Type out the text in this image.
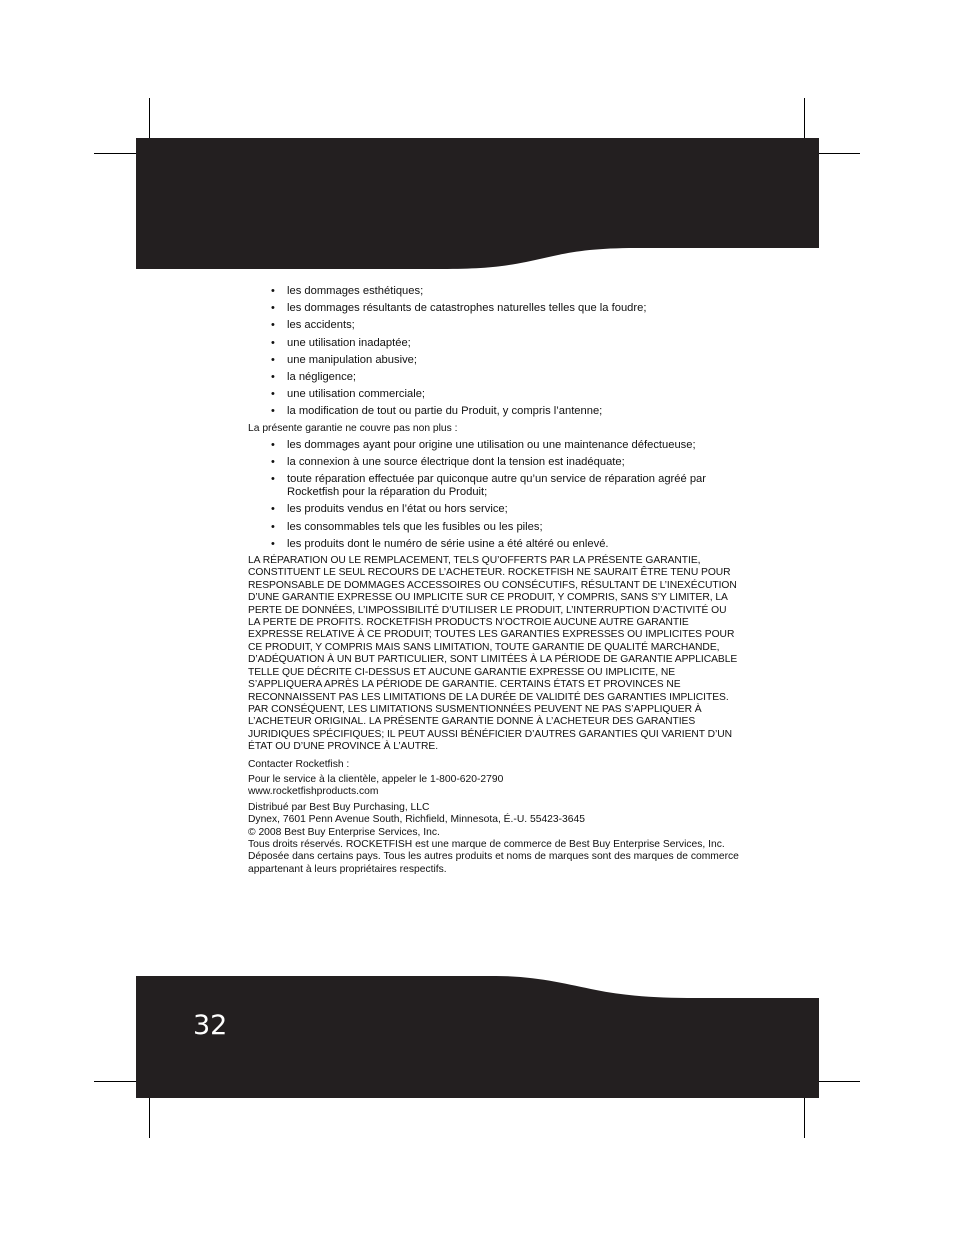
• les dommages esthétiques;
• les dommages résultants de catastrophes naturelles telles que la foudre;
• les accidents;
• une utilisation inadaptée;
• une manipulation abusive;
• la négligence;
• une utilisation commerciale;
• la modification de tout ou partie du Produit, y compris l’antenne;

La présente garantie ne couvre pas non plus :

• les dommages ayant pour origine une utilisation ou une maintenance défectueuse;
• la connexion à une source électrique dont la tension est inadéquate;
• toute réparation effectuée par quiconque autre qu’un service de réparation agréé par Rocketfish pour la réparation du Produit;
• les produits vendus en l’état ou hors service;
• les consommables tels que les fusibles ou les piles;
• les produits dont le numéro de série usine a été altéré ou enlevé.

LA RÉPARATION OU LE REMPLACEMENT, TELS QU’OFFERTS PAR LA PRÉSENTE GARANTIE, CONSTITUENT LE SEUL RECOURS DE L’ACHETEUR. ROCKETFISH NE SAURAIT ÊTRE TENU POUR RESPONSABLE DE DOMMAGES ACCESSOIRES OU CONSÉCUTIFS, RÉSULTANT DE L’INEXÉCUTION D’UNE GARANTIE EXPRESSE OU IMPLICITE SUR CE PRODUIT, Y COMPRIS, SANS S’Y LIMITER, LA PERTE DE DONNÉES, L’IMPOSSIBILITÉ D’UTILISER LE PRODUIT, L’INTERRUPTION D’ACTIVITÉ OU LA PERTE DE PROFITS. ROCKETFISH PRODUCTS N’OCTROIE AUCUNE AUTRE GARANTIE EXPRESSE RELATIVE À CE PRODUIT; TOUTES LES GARANTIES EXPRESSES OU IMPLICITES POUR CE PRODUIT, Y COMPRIS MAIS SANS LIMITATION, TOUTE GARANTIE DE QUALITÉ MARCHANDE, D’ADÉQUATION À UN BUT PARTICULIER, SONT LIMITÉES À LA PÉRIODE DE GARANTIE APPLICABLE TELLE QUE DÉCRITE CI-DESSUS ET AUCUNE GARANTIE EXPRESSE OU IMPLICITE, NE S’APPLIQUERA APRÈS LA PÉRIODE DE GARANTIE. CERTAINS ÉTATS ET PROVINCES NE RECONNAISSENT PAS LES LIMITATIONS DE LA DURÉE DE VALIDITÉ DES GARANTIES IMPLICITES. PAR CONSÉQUENT, LES LIMITATIONS SUSMENTIONNÉES PEUVENT NE PAS S’APPLIQUER À L’ACHETEUR ORIGINAL. LA PRÉSENTE GARANTIE DONNE À L’ACHETEUR DES GARANTIES JURIDIQUES SPÉCIFIQUES; IL PEUT AUSSI BÉNÉFICIER D’AUTRES GARANTIES QUI VARIENT D’UN ÉTAT OU D’UNE PROVINCE À L’AUTRE.

Contacter Rocketfish :

Pour le service à la clientèle, appeler le 1-800-620-2790

www.rocketfishproducts.com

Distribué par Best Buy Purchasing, LLC

Dynex, 7601 Penn Avenue South, Richfield, Minnesota, É.-U. 55423-3645

© 2008 Best Buy Enterprise Services, Inc.

Tous droits réservés. ROCKETFISH est une marque de commerce de Best Buy Enterprise Services, Inc. Déposée dans certains pays. Tous les autres produits et noms de marques sont des marques de commerce appartenant à leurs propriétaires respectifs.

32
